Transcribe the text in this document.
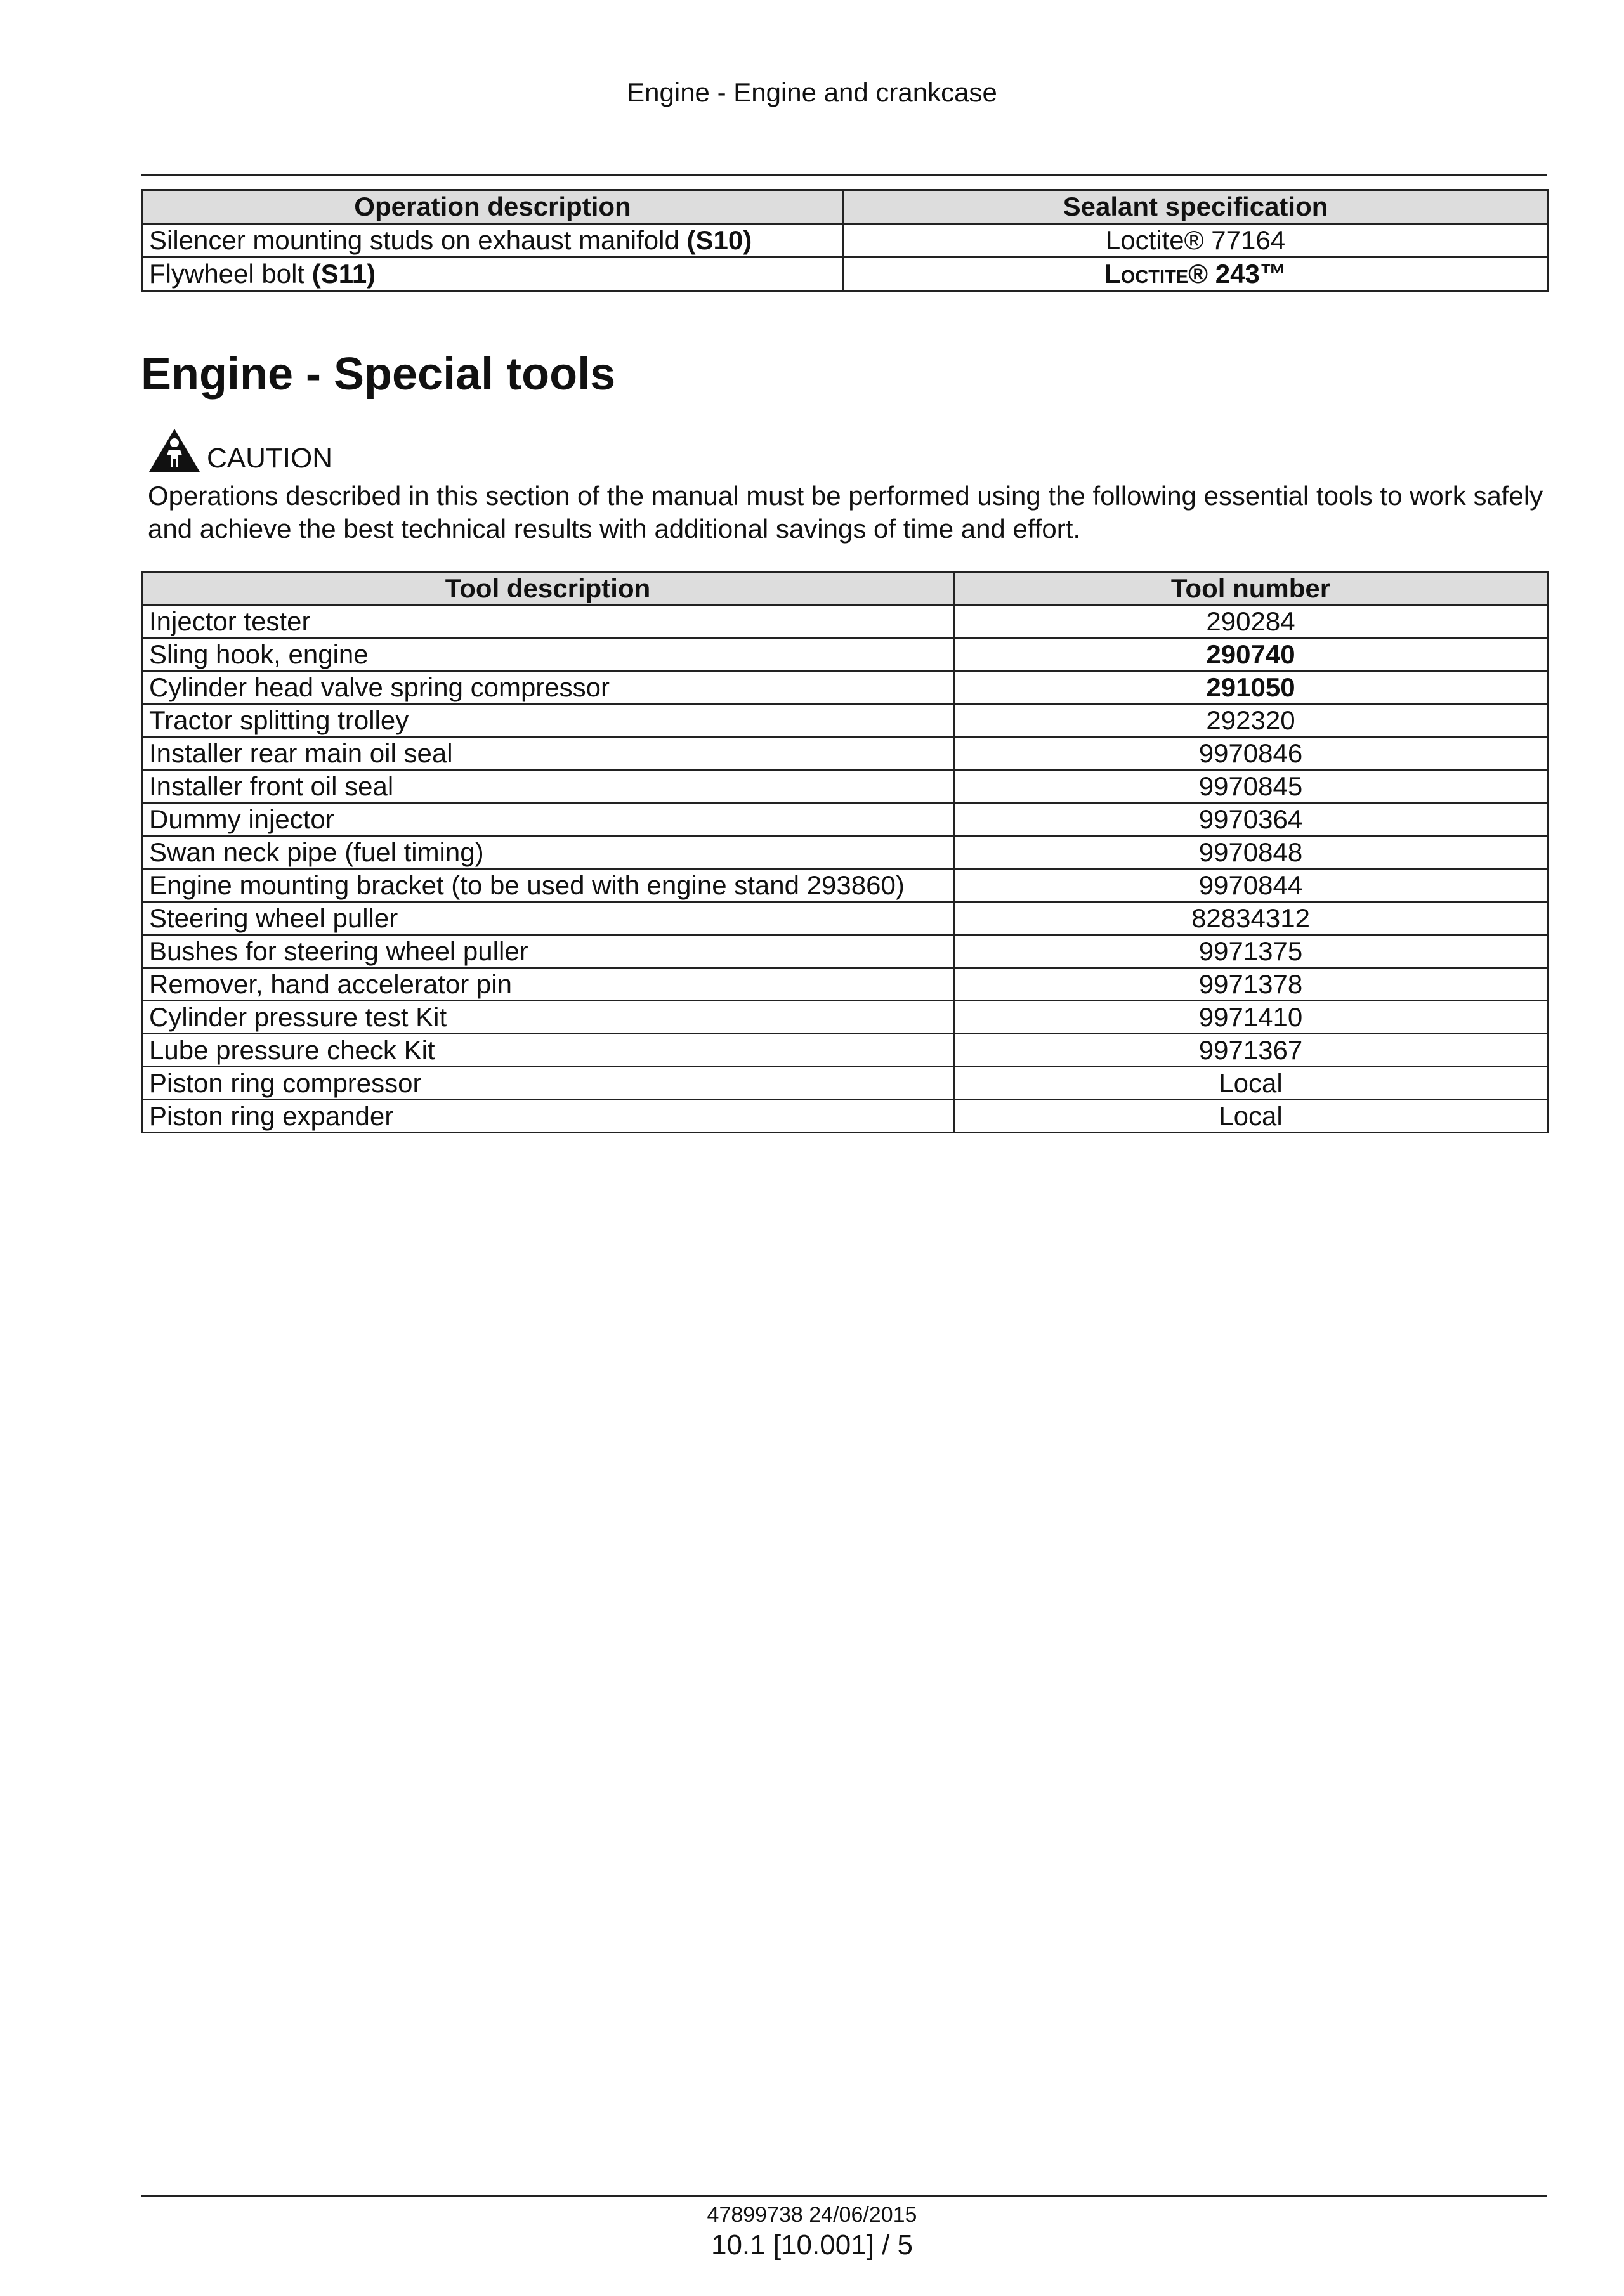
Engine - Engine and crankcase
Operation description	Sealant specification
Silencer mounting studs on exhaust manifold (S10)	Loctite® 77164
Flywheel bolt (S11)	Loctite® 243™
Engine - Special tools
CAUTION
Operations described in this section of the manual must be performed using the following essential tools to work safely and achieve the best technical results with additional savings of time and effort.
Tool description	Tool number
Injector tester	290284
Sling hook, engine	290740
Cylinder head valve spring compressor	291050
Tractor splitting trolley	292320
Installer rear main oil seal	9970846
Installer front oil seal	9970845
Dummy injector	9970364
Swan neck pipe (fuel timing)	9970848
Engine mounting bracket (to be used with engine stand 293860)	9970844
Steering wheel puller	82834312
Bushes for steering wheel puller	9971375
Remover, hand accelerator pin	9971378
Cylinder pressure test Kit	9971410
Lube pressure check Kit	9971367
Piston ring compressor	Local
Piston ring expander	Local
47899738 24/06/2015
10.1 [10.001] / 5
